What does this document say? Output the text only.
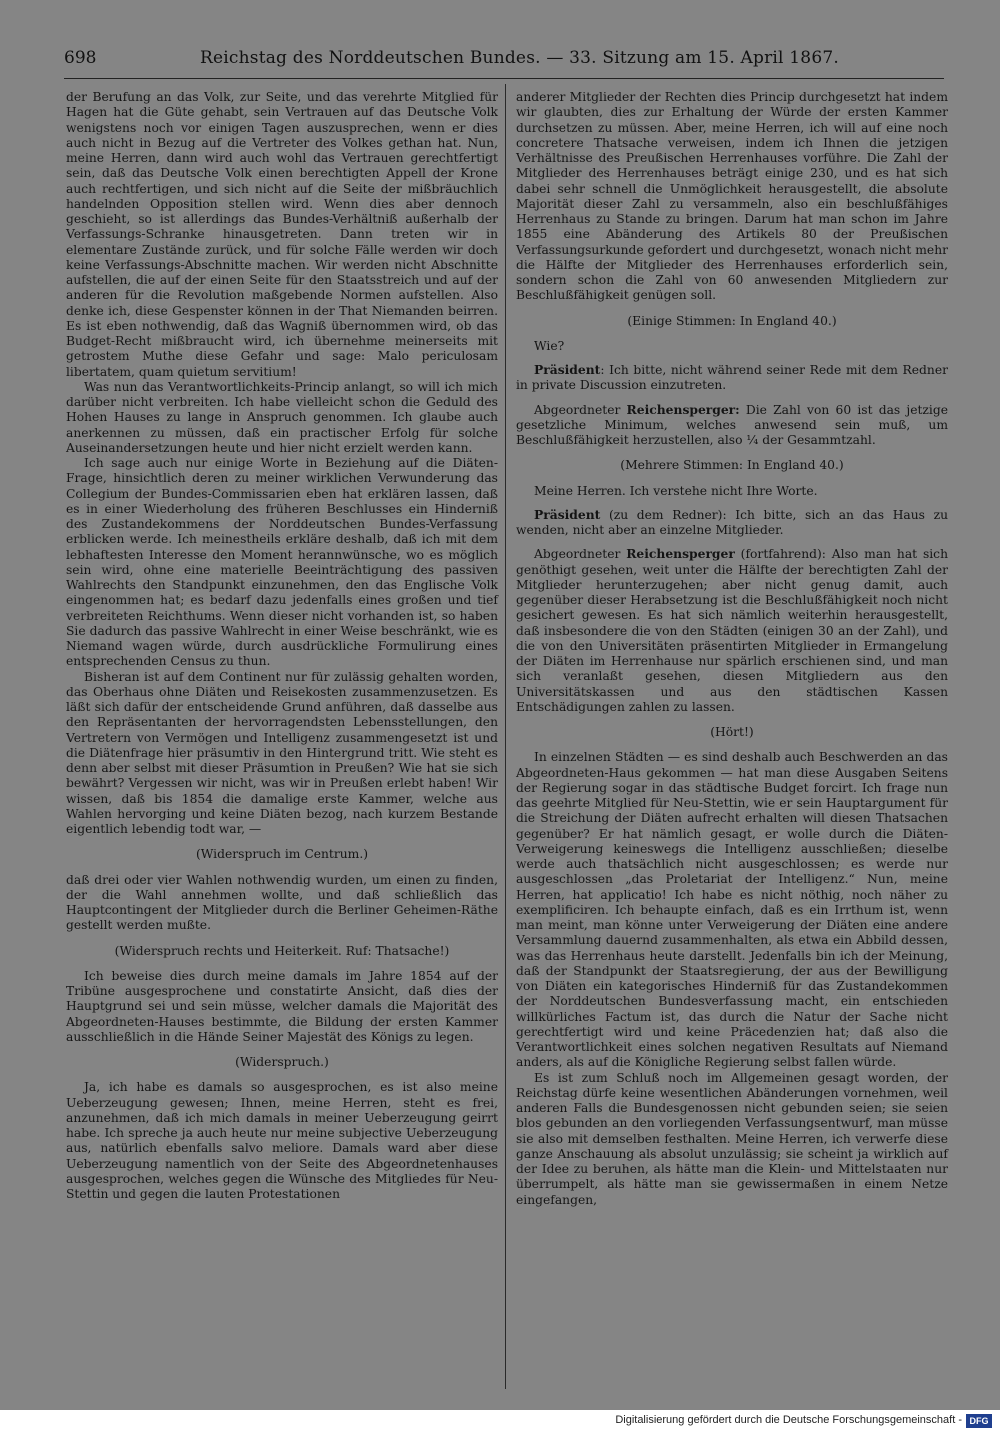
698	Reichstag des Norddeutschen Bundes. — 33. Sitzung am 15. April 1867.

der Berufung an das Volk, zur Seite, und das verehrte Mitglied für Hagen hat die Güte gehabt, sein Vertrauen auf das Deutsche Volk wenigstens noch vor einigen Tagen auszusprechen, wenn er dies auch nicht in Bezug auf die Vertreter des Volkes gethan hat. Nun, meine Herren, dann wird auch wohl das Vertrauen gerechtfertigt sein, daß das Deutsche Volk einen berechtigten Appell der Krone auch rechtfertigen, und sich nicht auf die Seite der mißbräuchlich handelnden Opposition stellen wird. Wenn dies aber dennoch geschieht, so ist allerdings das Bundes-Verhältniß außerhalb der Verfassungs-Schranke hinausgetreten. Dann treten wir in elementare Zustände zurück, und für solche Fälle werden wir doch keine Verfassungs-Abschnitte machen. Wir werden nicht Abschnitte aufstellen, die auf der einen Seite für den Staatsstreich und auf der anderen für die Revolution maßgebende Normen aufstellen. Also denke ich, diese Gespenster können in der That Niemanden beirren. Es ist eben nothwendig, daß das Wagniß übernommen wird, ob das Budget-Recht mißbraucht wird, ich übernehme meinerseits mit getrostem Muthe diese Gefahr und sage: Malo periculosam libertatem, quam quietum servitium!

Was nun das Verantwortlichkeits-Princip anlangt, so will ich mich darüber nicht verbreiten. Ich habe vielleicht schon die Geduld des Hohen Hauses zu lange in Anspruch genommen. Ich glaube auch anerkennen zu müssen, daß ein practischer Erfolg für solche Auseinandersetzungen heute und hier nicht erzielt werden kann.

Ich sage auch nur einige Worte in Beziehung auf die Diäten-Frage, hinsichtlich deren zu meiner wirklichen Verwunderung das Collegium der Bundes-Commissarien eben hat erklären lassen, daß es in einer Wiederholung des früheren Beschlusses ein Hinderniß des Zustandekommens der Norddeutschen Bundes-Verfassung erblicken werde. Ich meinestheils erkläre deshalb, daß ich mit dem lebhaftesten Interesse den Moment herannwünsche, wo es möglich sein wird, ohne eine materielle Beeinträchtigung des passiven Wahlrechts den Standpunkt einzunehmen, den das Englische Volk eingenommen hat; es bedarf dazu jedenfalls eines großen und tief verbreiteten Reichthums. Wenn dieser nicht vorhanden ist, so haben Sie dadurch das passive Wahlrecht in einer Weise beschränkt, wie es Niemand wagen würde, durch ausdrückliche Formulirung eines entsprechenden Census zu thun.

Bisheran ist auf dem Continent nur für zulässig gehalten worden, das Oberhaus ohne Diäten und Reisekosten zusammenzusetzen. Es läßt sich dafür der entscheidende Grund anführen, daß dasselbe aus den Repräsentanten der hervorragendsten Lebensstellungen, den Vertretern von Vermögen und Intelligenz zusammengesetzt ist und die Diätenfrage hier präsumtiv in den Hintergrund tritt. Wie steht es denn aber selbst mit dieser Präsumtion in Preußen? Wie hat sie sich bewährt? Vergessen wir nicht, was wir in Preußen erlebt haben! Wir wissen, daß bis 1854 die damalige erste Kammer, welche aus Wahlen hervorging und keine Diäten bezog, nach kurzem Bestande eigentlich lebendig todt war, —

(Widerspruch im Centrum.)

daß drei oder vier Wahlen nothwendig wurden, um einen zu finden, der die Wahl annehmen wollte, und daß schließlich das Hauptcontingent der Mitglieder durch die Berliner Geheimen-Räthe gestellt werden mußte.

(Widerspruch rechts und Heiterkeit. Ruf: Thatsache!)

Ich beweise dies durch meine damals im Jahre 1854 auf der Tribüne ausgesprochene und constatirte Ansicht, daß dies der Hauptgrund sei und sein müsse, welcher damals die Majorität des Abgeordneten-Hauses bestimmte, die Bildung der ersten Kammer ausschließlich in die Hände Seiner Majestät des Königs zu legen.

(Widerspruch.)

Ja, ich habe es damals so ausgesprochen, es ist also meine Ueberzeugung gewesen; Ihnen, meine Herren, steht es frei, anzunehmen, daß ich mich damals in meiner Ueberzeugung geirrt habe. Ich spreche ja auch heute nur meine subjective Ueberzeugung aus, natürlich ebenfalls salvo meliore. Damals ward aber diese Ueberzeugung namentlich von der Seite des Abgeordnetenhauses ausgesprochen, welches gegen die Wünsche des Mitgliedes für Neu-Stettin und gegen die lauten Protestationen

anderer Mitglieder der Rechten dies Princip durchgesetzt hat indem wir glaubten, dies zur Erhaltung der Würde der ersten Kammer durchsetzen zu müssen. Aber, meine Herren, ich will auf eine noch concretere Thatsache verweisen, indem ich Ihnen die jetzigen Verhältnisse des Preußischen Herrenhauses vorführe. Die Zahl der Mitglieder des Herrenhauses beträgt einige 230, und es hat sich dabei sehr schnell die Unmöglichkeit herausgestellt, die absolute Majorität dieser Zahl zu versammeln, also ein beschlußfähiges Herrenhaus zu Stande zu bringen. Darum hat man schon im Jahre 1855 eine Abänderung des Artikels 80 der Preußischen Verfassungsurkunde gefordert und durchgesetzt, wonach nicht mehr die Hälfte der Mitglieder des Herrenhauses erforderlich sein, sondern schon die Zahl von 60 anwesenden Mitgliedern zur Beschlußfähigkeit genügen soll.

(Einige Stimmen: In England 40.)

Wie?

Präsident: Ich bitte, nicht während seiner Rede mit dem Redner in private Discussion einzutreten.

Abgeordneter Reichensperger: Die Zahl von 60 ist das jetzige gesetzliche Minimum, welches anwesend sein muß, um Beschlußfähigkeit herzustellen, also ¼ der Gesammtzahl.

(Mehrere Stimmen: In England 40.)

Meine Herren. Ich verstehe nicht Ihre Worte.

Präsident (zu dem Redner): Ich bitte, sich an das Haus zu wenden, nicht aber an einzelne Mitglieder.

Abgeordneter Reichensperger (fortfahrend): Also man hat sich genöthigt gesehen, weit unter die Hälfte der berechtigten Zahl der Mitglieder herunterzugehen; aber nicht genug damit, auch gegenüber dieser Herabsetzung ist die Beschlußfähigkeit noch nicht gesichert gewesen. Es hat sich nämlich weiterhin herausgestellt, daß insbesondere die von den Städten (einigen 30 an der Zahl), und die von den Universitäten präsentirten Mitglieder in Ermangelung der Diäten im Herrenhause nur spärlich erschienen sind, und man sich veranlaßt gesehen, diesen Mitgliedern aus den Universitätskassen und aus den städtischen Kassen Entschädigungen zahlen zu lassen.

(Hört!)

In einzelnen Städten — es sind deshalb auch Beschwerden an das Abgeordneten-Haus gekommen — hat man diese Ausgaben Seitens der Regierung sogar in das städtische Budget forcirt. Ich frage nun das geehrte Mitglied für Neu-Stettin, wie er sein Hauptargument für die Streichung der Diäten aufrecht erhalten will diesen Thatsachen gegenüber? Er hat nämlich gesagt, er wolle durch die Diäten-Verweigerung keineswegs die Intelligenz ausschließen; dieselbe werde auch thatsächlich nicht ausgeschlossen; es werde nur ausgeschlossen „das Proletariat der Intelligenz.“ Nun, meine Herren, hat applicatio! Ich habe es nicht nöthig, noch näher zu exemplificiren. Ich behaupte einfach, daß es ein Irrthum ist, wenn man meint, man könne unter Verweigerung der Diäten eine andere Versammlung dauernd zusammenhalten, als etwa ein Abbild dessen, was das Herrenhaus heute darstellt. Jedenfalls bin ich der Meinung, daß der Standpunkt der Staatsregierung, der aus der Bewilligung von Diäten ein kategorisches Hinderniß für das Zustandekommen der Norddeutschen Bundesverfassung macht, ein entschieden willkürliches Factum ist, das durch die Natur der Sache nicht gerechtfertigt wird und keine Präcedenzien hat; daß also die Verantwortlichkeit eines solchen negativen Resultats auf Niemand anders, als auf die Königliche Regierung selbst fallen würde.

Es ist zum Schluß noch im Allgemeinen gesagt worden, der Reichstag dürfe keine wesentlichen Abänderungen vornehmen, weil anderen Falls die Bundesgenossen nicht gebunden seien; sie seien blos gebunden an den vorliegenden Verfassungsentwurf, man müsse sie also mit demselben festhalten. Meine Herren, ich verwerfe diese ganze Anschauung als absolut unzulässig; sie scheint ja wirklich auf der Idee zu beruhen, als hätte man die Klein- und Mittelstaaten nur überrumpelt, als hätte man sie gewissermaßen in einem Netze eingefangen,

Digitalisierung gefördert durch die Deutsche Forschungsgemeinschaft - DFG
